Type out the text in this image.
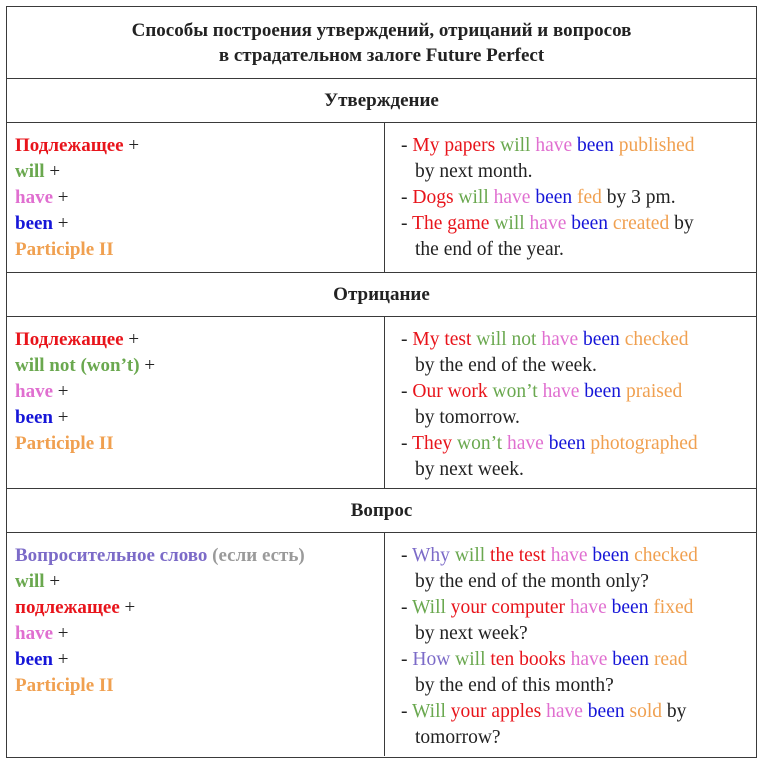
Способы построения утверждений, отрицаний и вопросов
в страдательном залоге Future Perfect
Утверждение
Подлежащее +
will +
have +
been +
Participle II
- My papers will have been published
by next month.
- Dogs will have been fed by 3 pm.
- The game will have been created by
the end of the year.
Отрицание
Подлежащее +
will not (won’t) +
have +
been +
Participle II
- My test will not have been checked
by the end of the week.
- Our work won’t have been praised
by tomorrow.
- They won’t have been photographed
by next week.
Вопрос
Вопросительное слово (если есть)
will +
подлежащее +
have +
been +
Participle II
- Why will the test have been checked
by the end of the month only?
- Will your computer have been fixed
by next week?
- How will ten books have been read
by the end of this month?
- Will your apples have been sold by
tomorrow?
